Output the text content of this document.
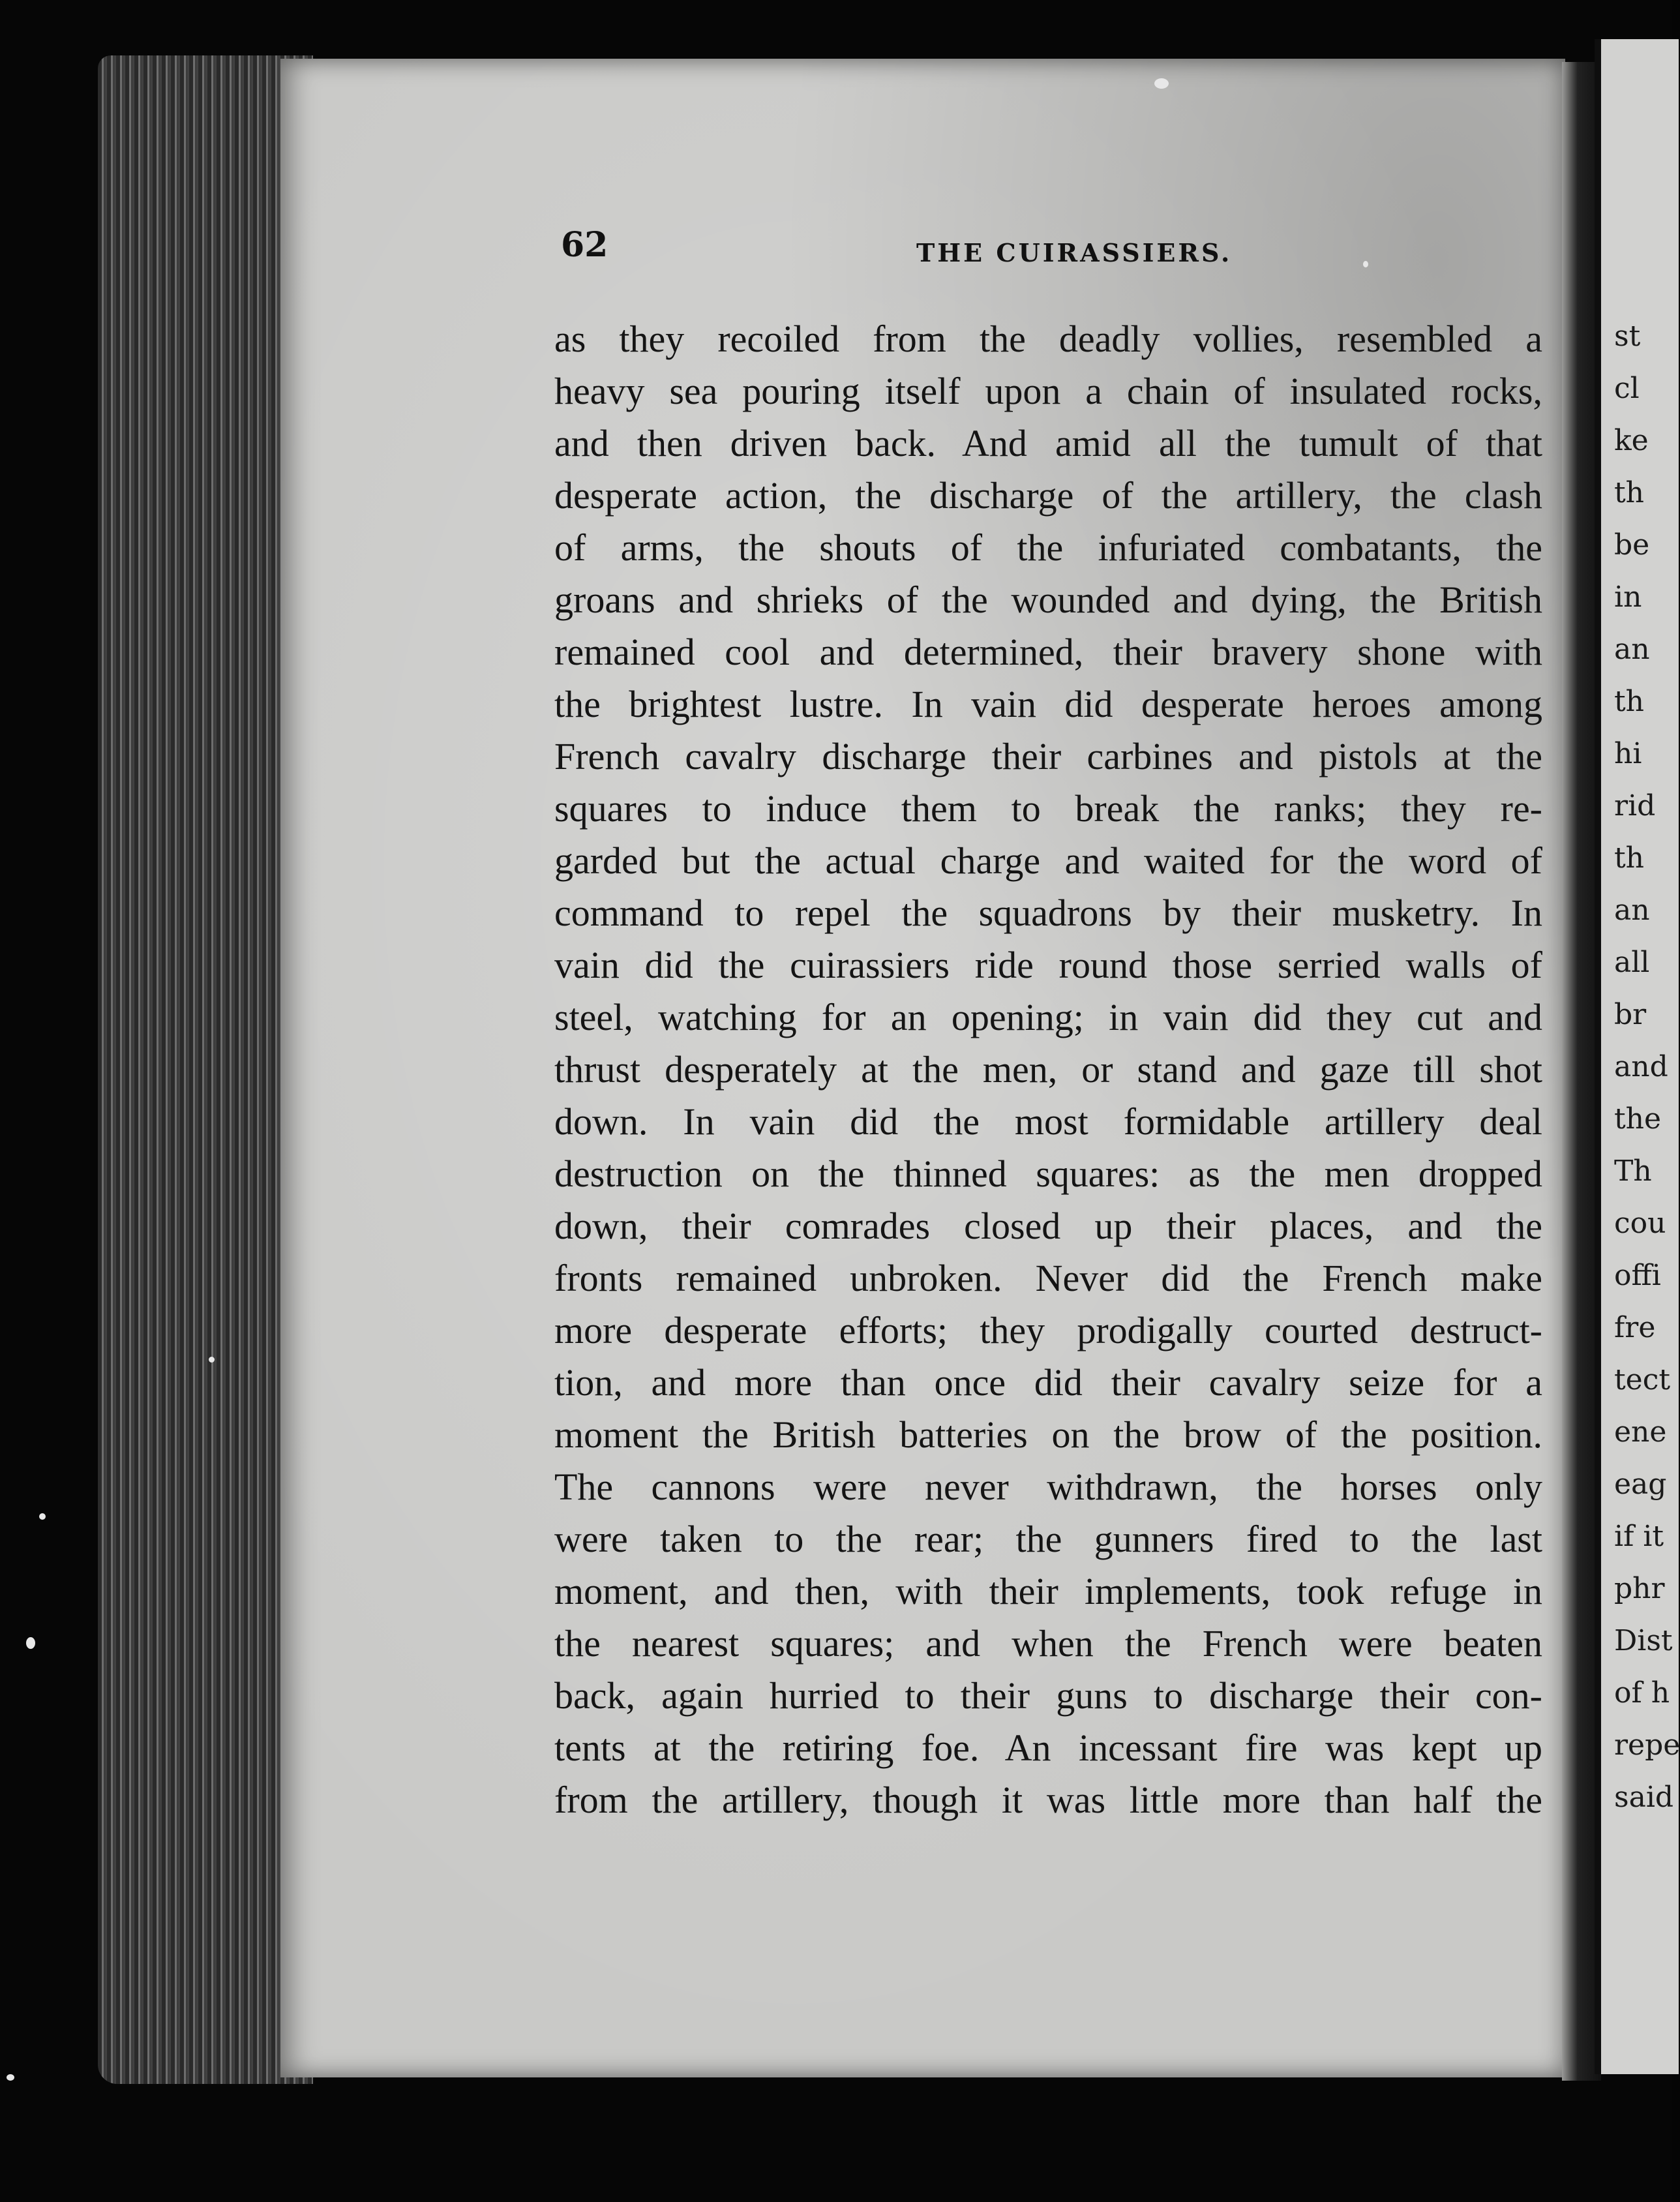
st
cl
ke
th
be
in
an
th
hi
rid
th
an
all
br
and
the
Th
cou
offi
fre
tect
ene
eag
if it
phr
Dist
of h
repe
said
62	THE CUIRASSIERS.
as they recoiled from the deadly vollies, resembled a
heavy sea pouring itself upon a chain of insulated rocks,
and then driven back. And amid all the tumult of that
desperate action, the discharge of the artillery, the clash
of arms, the shouts of the infuriated combatants, the
groans and shrieks of the wounded and dying, the British
remained cool and determined, their bravery shone with
the brightest lustre. In vain did desperate heroes among
French cavalry discharge their carbines and pistols at the
squares to induce them to break the ranks; they re-
garded but the actual charge and waited for the word of
command to repel the squadrons by their musketry. In
vain did the cuirassiers ride round those serried walls of
steel, watching for an opening; in vain did they cut and
thrust desperately at the men, or stand and gaze till shot
down. In vain did the most formidable artillery deal
destruction on the thinned squares: as the men dropped
down, their comrades closed up their places, and the
fronts remained unbroken. Never did the French make
more desperate efforts; they prodigally courted destruct-
tion, and more than once did their cavalry seize for a
moment the British batteries on the brow of the position.
The cannons were never withdrawn, the horses only
were taken to the rear; the gunners fired to the last
moment, and then, with their implements, took refuge in
the nearest squares; and when the French were beaten
back, again hurried to their guns to discharge their con-
tents at the retiring foe. An incessant fire was kept up
from the artillery, though it was little more than half the
